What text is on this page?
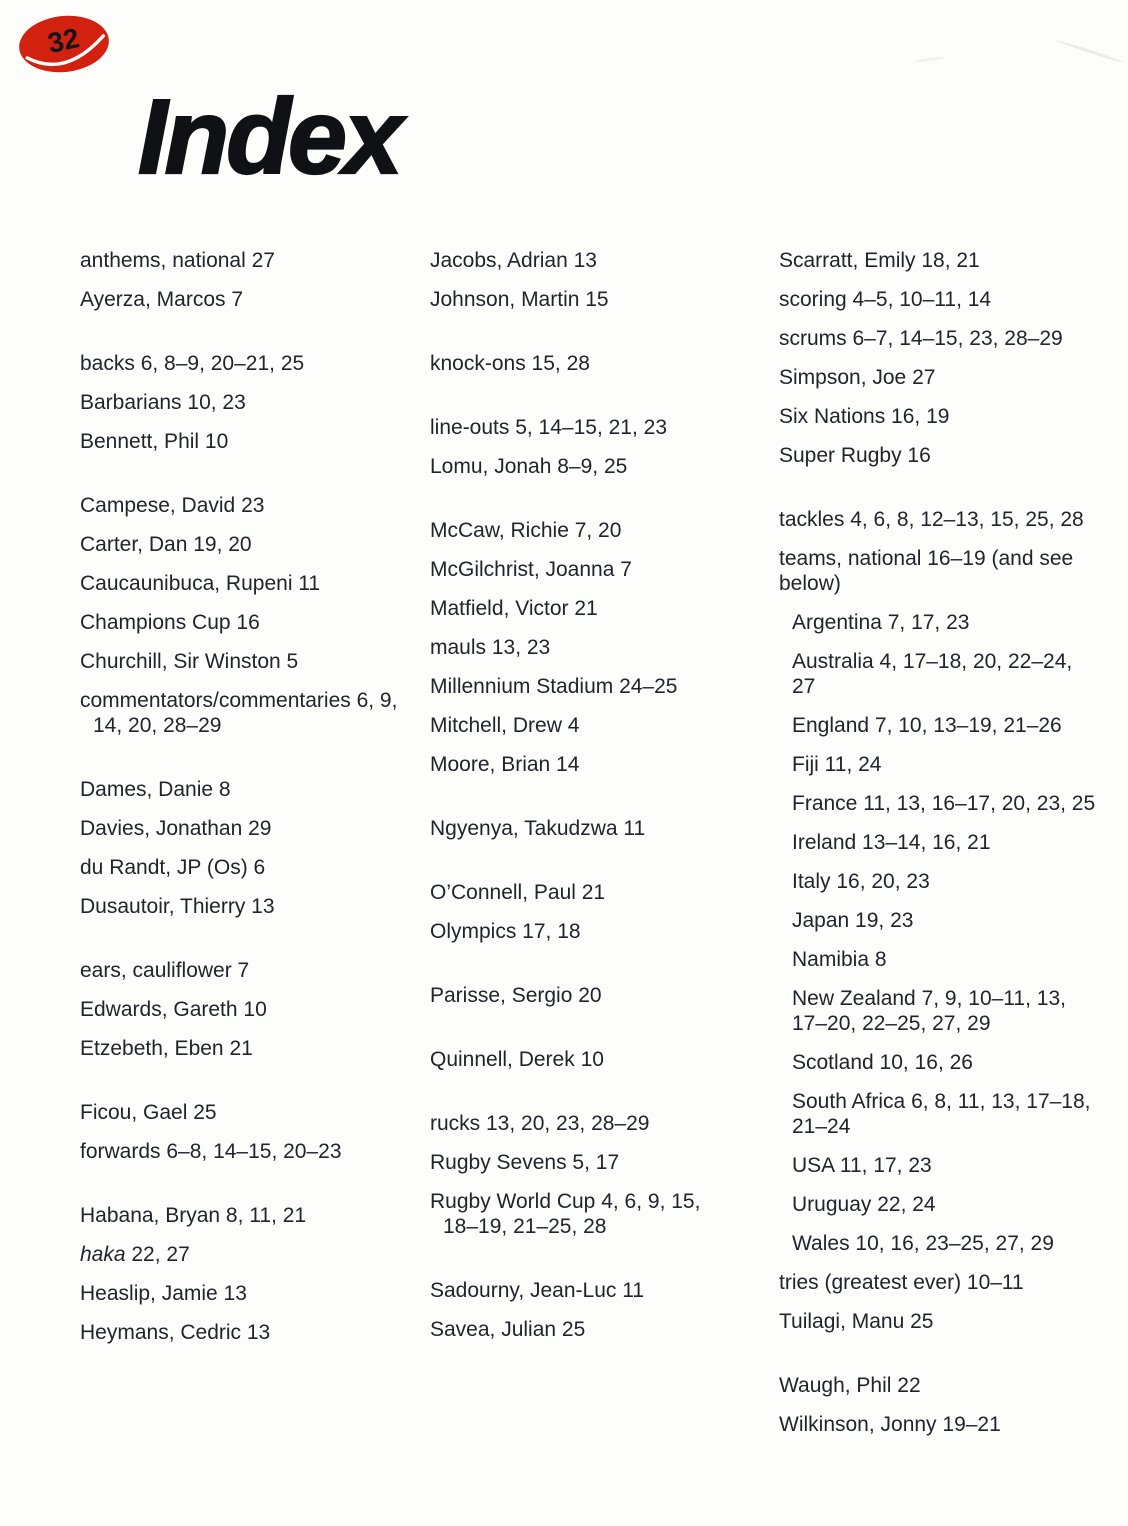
32
Index
anthems, national 27
Ayerza, Marcos 7
backs 6, 8–9, 20–21, 25
Barbarians 10, 23
Bennett, Phil 10
Campese, David 23
Carter, Dan 19, 20
Caucaunibuca, Rupeni 11
Champions Cup 16
Churchill, Sir Winston 5
commentators/commentaries 6, 9,
14, 20, 28–29
Dames, Danie 8
Davies, Jonathan 29
du Randt, JP (Os) 6
Dusautoir, Thierry 13
ears, cauliflower 7
Edwards, Gareth 10
Etzebeth, Eben 21
Ficou, Gael 25
forwards 6–8, 14–15, 20–23
Habana, Bryan 8, 11, 21
haka 22, 27
Heaslip, Jamie 13
Heymans, Cedric 13
Jacobs, Adrian 13
Johnson, Martin 15
knock-ons 15, 28
line-outs 5, 14–15, 21, 23
Lomu, Jonah 8–9, 25
McCaw, Richie 7, 20
McGilchrist, Joanna 7
Matfield, Victor 21
mauls 13, 23
Millennium Stadium 24–25
Mitchell, Drew 4
Moore, Brian 14
Ngyenya, Takudzwa 11
O’Connell, Paul 21
Olympics 17, 18
Parisse, Sergio 20
Quinnell, Derek 10
rucks 13, 20, 23, 28–29
Rugby Sevens 5, 17
Rugby World Cup 4, 6, 9, 15,
18–19, 21–25, 28
Sadourny, Jean-Luc 11
Savea, Julian 25
Scarratt, Emily 18, 21
scoring 4–5, 10–11, 14
scrums 6–7, 14–15, 23, 28–29
Simpson, Joe 27
Six Nations 16, 19
Super Rugby 16
tackles 4, 6, 8, 12–13, 15, 25, 28
teams, national 16–19 (and see
below)
Argentina 7, 17, 23
Australia 4, 17–18, 20, 22–24,
27
England 7, 10, 13–19, 21–26
Fiji 11, 24
France 11, 13, 16–17, 20, 23, 25
Ireland 13–14, 16, 21
Italy 16, 20, 23
Japan 19, 23
Namibia 8
New Zealand 7, 9, 10–11, 13,
17–20, 22–25, 27, 29
Scotland 10, 16, 26
South Africa 6, 8, 11, 13, 17–18,
21–24
USA 11, 17, 23
Uruguay 22, 24
Wales 10, 16, 23–25, 27, 29
tries (greatest ever) 10–11
Tuilagi, Manu 25
Waugh, Phil 22
Wilkinson, Jonny 19–21
